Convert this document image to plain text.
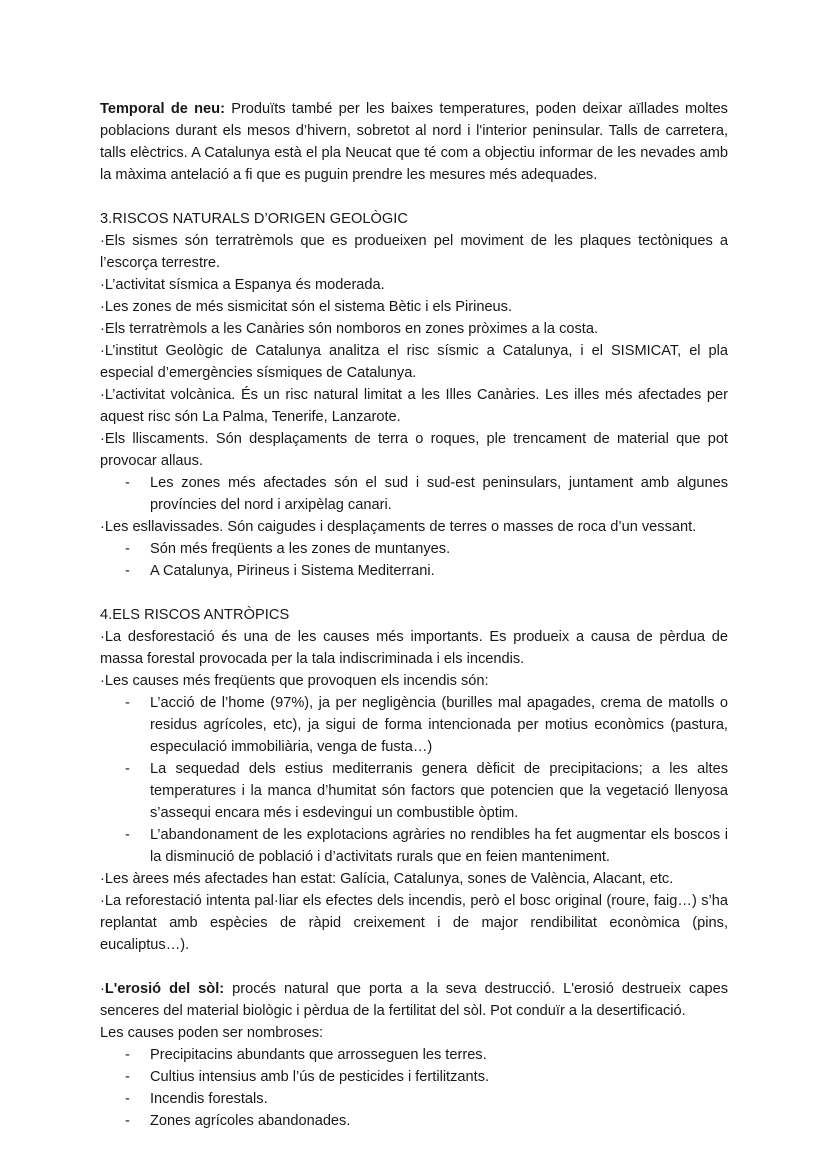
Temporal de neu: Produïts també per les baixes temperatures, poden deixar aïllades moltes poblacions durant els mesos d’hivern, sobretot al nord i l'interior peninsular. Talls de carretera, talls elèctrics. A Catalunya està el pla Neucat que té com a objectiu informar de les nevades amb la màxima antelació a fi que es puguin prendre les mesures més adequades.

3.RISCOS NATURALS D’ORIGEN GEOLÒGIC

·Els sismes són terratrèmols que es produeixen pel moviment de les plaques tectòniques a l’escorça terrestre.

·L’activitat sísmica a Espanya és moderada.

·Les zones de més sismicitat són el sistema Bètic i els Pirineus.

·Els terratrèmols a les Canàries són nomboros en zones pròximes a la costa.

·L’institut Geològic de Catalunya analitza el risc sísmic a Catalunya, i el SISMICAT, el pla especial d’emergències sísmiques de Catalunya.

·L’activitat volcànica. És un risc natural limitat a les Illes Canàries. Les illes més afectades per aquest risc són La Palma, Tenerife, Lanzarote.

·Els lliscaments. Són desplaçaments de terra o roques, ple trencament de material que pot provocar allaus.

-	Les zones més afectades són el sud i sud-est peninsulars, juntament amb algunes províncies del nord i arxipèlag canari.

·Les esllavissades. Són caigudes i desplaçaments de terres o masses de roca d’un vessant.

-	Són més freqüents a les zones de muntanyes.
-	A Catalunya, Pirineus i Sistema Mediterrani.

4.ELS RISCOS ANTRÒPICS

·La desforestació és una de les causes més importants. Es produeix a causa de pèrdua de massa forestal provocada per la tala indiscriminada i els incendis.

·Les causes més freqüents que provoquen els incendis són:

-	L’acció de l’home (97%), ja per negligència (burilles mal apagades, crema de matolls o residus agrícoles, etc), ja sigui de forma intencionada per motius econòmics (pastura, especulació immobiliària, venga de fusta…)
-	La sequedad dels estius mediterranis genera dèficit de precipitacions; a les altes temperatures i la manca d’humitat són factors que potencien que la vegetació llenyosa s’assequi encara més i esdevingui un combustible òptim.
-	L’abandonament de les explotacions agràries no rendibles ha fet augmentar els boscos i la disminució de població i d’activitats rurals que en feien manteniment.

·Les àrees més afectades han estat: Galícia, Catalunya, sones de València, Alacant, etc.

·La reforestació intenta pal·liar els efectes dels incendis, però el bosc original (roure, faig…) s’ha replantat amb espècies de ràpid creixement i de major rendibilitat econòmica (pins, eucaliptus…).

·L'erosió del sòl: procés natural que porta a la seva destrucció. L'erosió destrueix capes senceres del material biològic i pèrdua de la fertilitat del sòl. Pot conduïr a la desertificació.

Les causes poden ser nombroses:

-	Precipitacins abundants que arrosseguen les terres.
-	Cultius intensius amb l’ús de pesticides i fertilitzants.
-	Incendis forestals.
-	Zones agrícoles abandonades.
